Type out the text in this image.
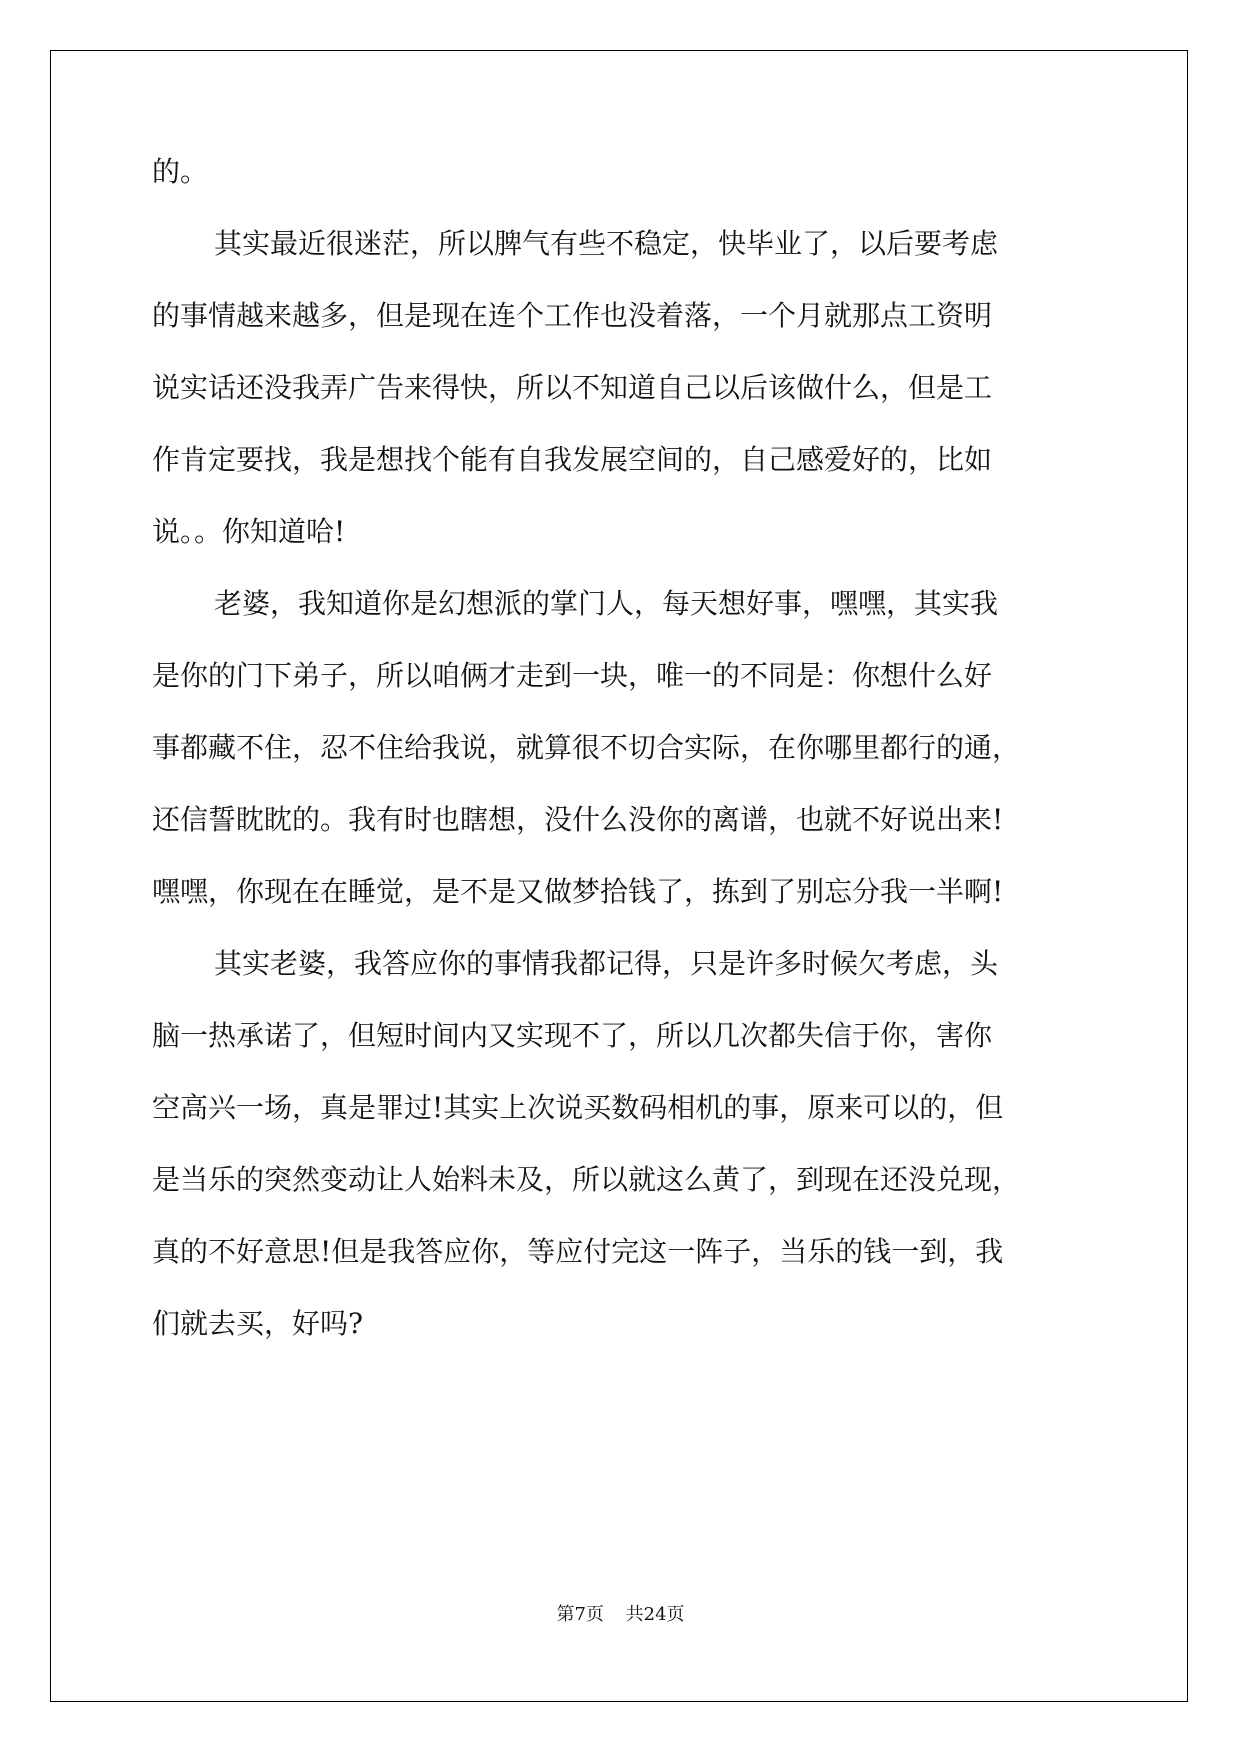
的。

其实最近很迷茫，所以脾气有些不稳定，快毕业了，以后要考虑

的事情越来越多，但是现在连个工作也没着落，一个月就那点工资明

说实话还没我弄广告来得快，所以不知道自己以后该做什么，但是工

作肯定要找，我是想找个能有自我发展空间的，自己感爱好的，比如

说。。你知道哈!

老婆，我知道你是幻想派的掌门人，每天想好事，嘿嘿，其实我

是你的门下弟子，所以咱俩才走到一块，唯一的不同是：你想什么好

事都藏不住，忍不住给我说，就算很不切合实际，在你哪里都行的通，

还信誓眈眈的。我有时也瞎想，没什么没你的离谱，也就不好说出来!

嘿嘿，你现在在睡觉，是不是又做梦拾钱了，拣到了别忘分我一半啊!

其实老婆，我答应你的事情我都记得，只是许多时候欠考虑，头

脑一热承诺了，但短时间内又实现不了，所以几次都失信于你，害你

空高兴一场，真是罪过!其实上次说买数码相机的事，原来可以的，但

是当乐的突然变动让人始料未及，所以就这么黄了，到现在还没兑现，

真的不好意思!但是我答应你，等应付完这一阵子，当乐的钱一到，我

们就去买，好吗?

第7页 共24页
